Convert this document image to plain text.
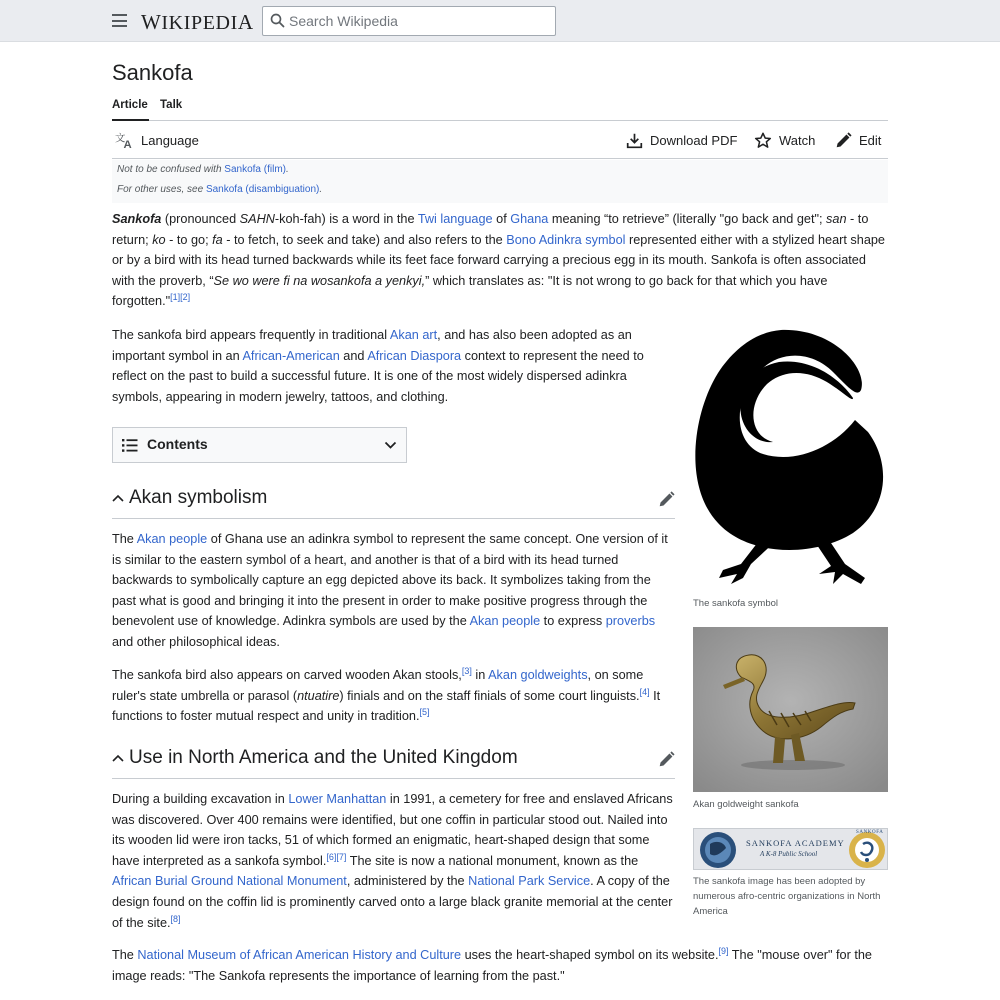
WIKIPEDIA
Search Wikipedia
Sankofa
Article Talk
文
A Language	Download PDF	Watch	Edit
Not to be confused with Sankofa (film).
For other uses, see Sankofa (disambiguation).
Sankofa (pronounced SAHN-koh-fah) is a word in the Twi language of Ghana meaning “to retrieve” (literally "go back and get"; san - to return; ko - to go; fa - to fetch, to seek and take) and also refers to the Bono Adinkra symbol represented either with a stylized heart shape or by a bird with its head turned backwards while its feet face forward carrying a precious egg in its mouth. Sankofa is often associated with the proverb, “Se wo were fi na wosankofa a yenkyi,” which translates as: "It is not wrong to go back for that which you have forgotten."[1][2]
The sankofa bird appears frequently in traditional Akan art, and has also been adopted as an important symbol in an African-American and African Diaspora context to represent the need to reflect on the past to build a successful future. It is one of the most widely dispersed adinkra symbols, appearing in modern jewelry, tattoos, and clothing.
Contents
Akan symbolism
The Akan people of Ghana use an adinkra symbol to represent the same concept. One version of it is similar to the eastern symbol of a heart, and another is that of a bird with its head turned backwards to symbolically capture an egg depicted above its back. It symbolizes taking from the past what is good and bringing it into the present in order to make positive progress through the benevolent use of knowledge. Adinkra symbols are used by the Akan people to express proverbs and other philosophical ideas.
The sankofa bird also appears on carved wooden Akan stools,[3] in Akan goldweights, on some ruler's state umbrella or parasol (ntuatire) finials and on the staff finials of some court linguists.[4] It functions to foster mutual respect and unity in tradition.[5]
Use in North America and the United Kingdom
During a building excavation in Lower Manhattan in 1991, a cemetery for free and enslaved Africans was discovered. Over 400 remains were identified, but one coffin in particular stood out. Nailed into its wooden lid were iron tacks, 51 of which formed an enigmatic, heart-shaped design that some have interpreted as a sankofa symbol.[6][7] The site is now a national monument, known as the African Burial Ground National Monument, administered by the National Park Service. A copy of the design found on the coffin lid is prominently carved onto a large black granite memorial at the center of the site.[8]
The National Museum of African American History and Culture uses the heart-shaped symbol on its website.[9] The "mouse over" for the image reads: "The Sankofa represents the importance of learning from the past."
The sankofa symbol
Akan goldweight sankofa
SANKOFA ACADEMY
A K-8 Public School
SANKOFA
The sankofa image has been adopted by numerous afro-centric organizations in North America
